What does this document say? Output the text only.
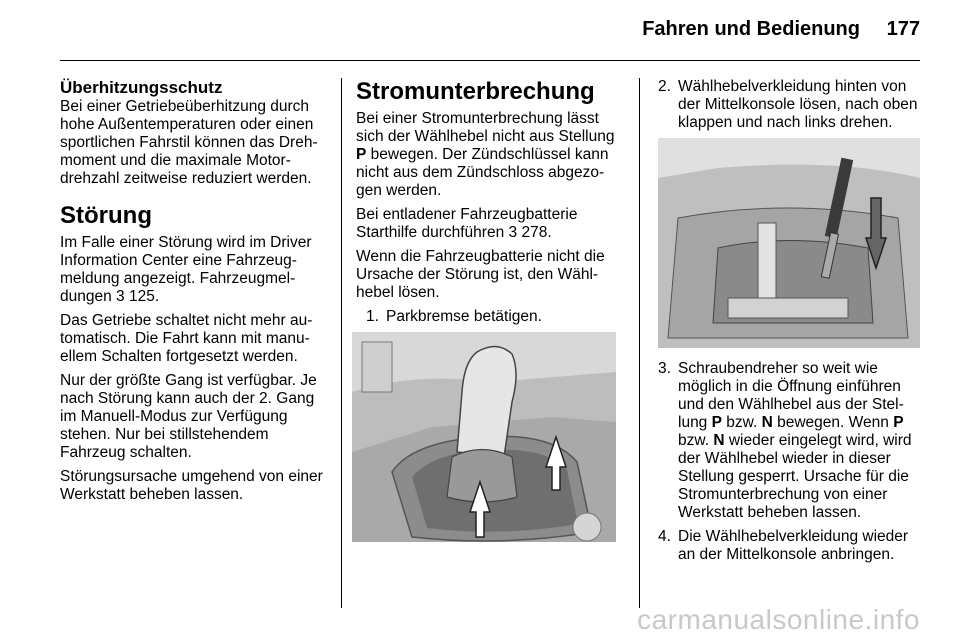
Fahren und Bedienung 177
Überhitzungsschutz

Bei einer Getriebeüberhitzung durch hohe Außentemperaturen oder einen sportlichen Fahrstil können das Drehmoment und die maximale Motordrehzahl zeitweise reduziert werden.

Störung

Im Falle einer Störung wird im Driver Information Center eine Fahrzeugmeldung angezeigt. Fahrzeugmeldungen 3 125.

Das Getriebe schaltet nicht mehr automatisch. Die Fahrt kann mit manuellem Schalten fortgesetzt werden.

Nur der größte Gang ist verfügbar. Je nach Störung kann auch der 2. Gang im Manuell-Modus zur Verfügung stehen. Nur bei stillstehendem Fahrzeug schalten.

Störungsursache umgehend von einer Werkstatt beheben lassen.

Stromunterbrechung

Bei einer Stromunterbrechung lässt sich der Wählhebel nicht aus Stellung P bewegen. Der Zündschlüssel kann nicht aus dem Zündschloss abgezogen werden.

Bei entladener Fahrzeugbatterie Starthilfe durchführen 3 278.

Wenn die Fahrzeugbatterie nicht die Ursache der Störung ist, den Wählhebel lösen.

1. Parkbremse betätigen.
2. Wählhebelverkleidung hinten von der Mittelkonsole lösen, nach oben klappen und nach links drehen.
3. Schraubendreher so weit wie möglich in die Öffnung einführen und den Wählhebel aus der Stellung P bzw. N bewegen. Wenn P bzw. N wieder eingelegt wird, wird der Wählhebel wieder in dieser Stellung gesperrt. Ursache für die Stromunterbrechung von einer Werkstatt beheben lassen.
4. Die Wählhebelverkleidung wieder an der Mittelkonsole anbringen.
carmanualsonline.info
